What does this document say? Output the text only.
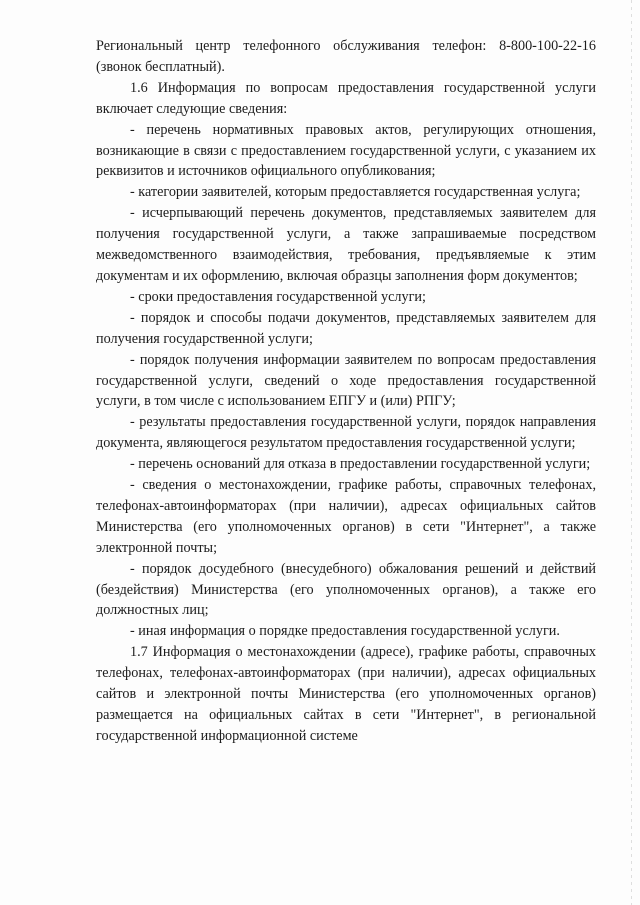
Региональный центр телефонного обслуживания телефон: 8-800-100-22-16 (звонок бесплатный).

1.6 Информация по вопросам предоставления государственной услуги включает следующие сведения:

- перечень нормативных правовых актов, регулирующих отношения, возникающие в связи с предоставлением государственной услуги, с указанием их реквизитов и источников официального опубликования;

- категории заявителей, которым предоставляется государственная услуга;

- исчерпывающий перечень документов, представляемых заявителем для получения государственной услуги, а также запрашиваемые посредством межведомственного взаимодействия, требования, предъявляемые к этим документам и их оформлению, включая образцы заполнения форм документов;

- сроки предоставления государственной услуги;

- порядок и способы подачи документов, представляемых заявителем для получения государственной услуги;

- порядок получения информации заявителем по вопросам предоставления государственной услуги, сведений о ходе предоставления государственной услуги, в том числе с использованием ЕПГУ и (или) РПГУ;

- результаты предоставления государственной услуги, порядок направления документа, являющегося результатом предоставления государственной услуги;

- перечень оснований для отказа в предоставлении государственной услуги;

- сведения о местонахождении, графике работы, справочных телефонах, телефонах-автоинформаторах (при наличии), адресах официальных сайтов Министерства (его уполномоченных органов) в сети "Интернет", а также электронной почты;

- порядок досудебного (внесудебного) обжалования решений и действий (бездействия) Министерства (его уполномоченных органов), а также его должностных лиц;

- иная информация о порядке предоставления государственной услуги.

1.7 Информация о местонахождении (адресе), графике работы, справочных телефонах, телефонах-автоинформаторах (при наличии), адресах официальных сайтов и электронной почты Министерства (его уполномоченных органов) размещается на официальных сайтах в сети "Интернет", в региональной государственной информационной системе
